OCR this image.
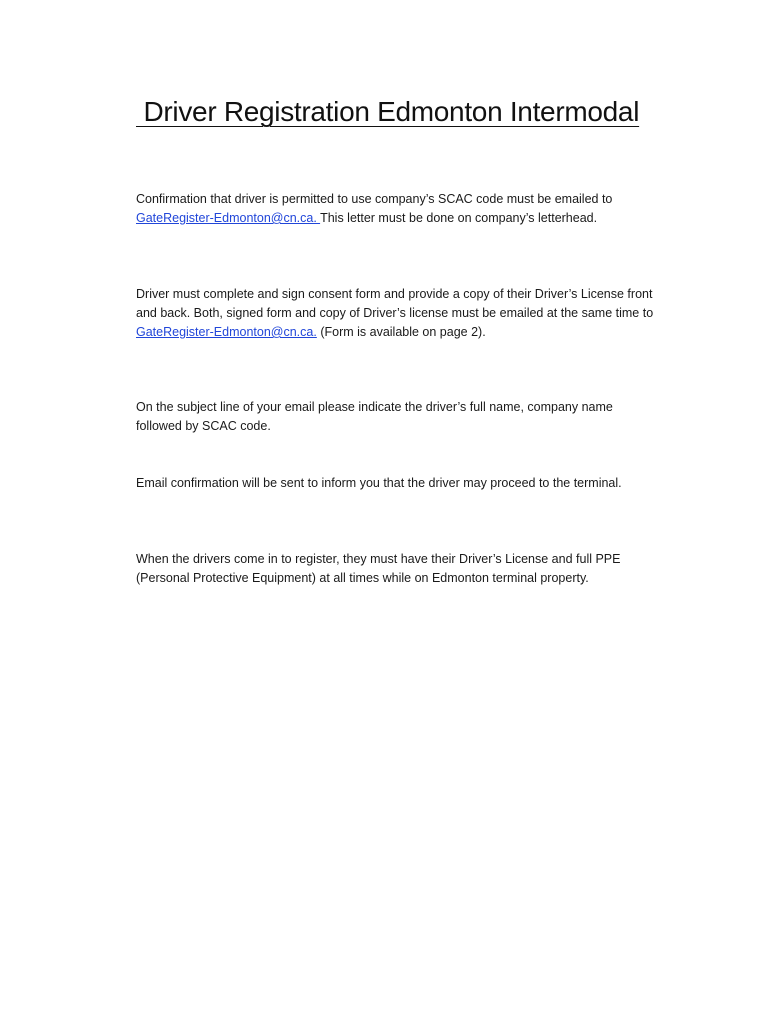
Driver Registration Edmonton Intermodal

Confirmation that driver is permitted to use company’s SCAC code must be emailed to GateRegister-Edmonton@cn.ca. This letter must be done on company’s letterhead.

Driver must complete and sign consent form and provide a copy of their Driver’s License front and back. Both, signed form and copy of Driver’s license must be emailed at the same time to GateRegister-Edmonton@cn.ca. (Form is available on page 2).

On the subject line of your email please indicate the driver’s full name, company name followed by SCAC code.

Email confirmation will be sent to inform you that the driver may proceed to the terminal.

When the drivers come in to register, they must have their Driver’s License and full PPE (Personal Protective Equipment) at all times while on Edmonton terminal property.
